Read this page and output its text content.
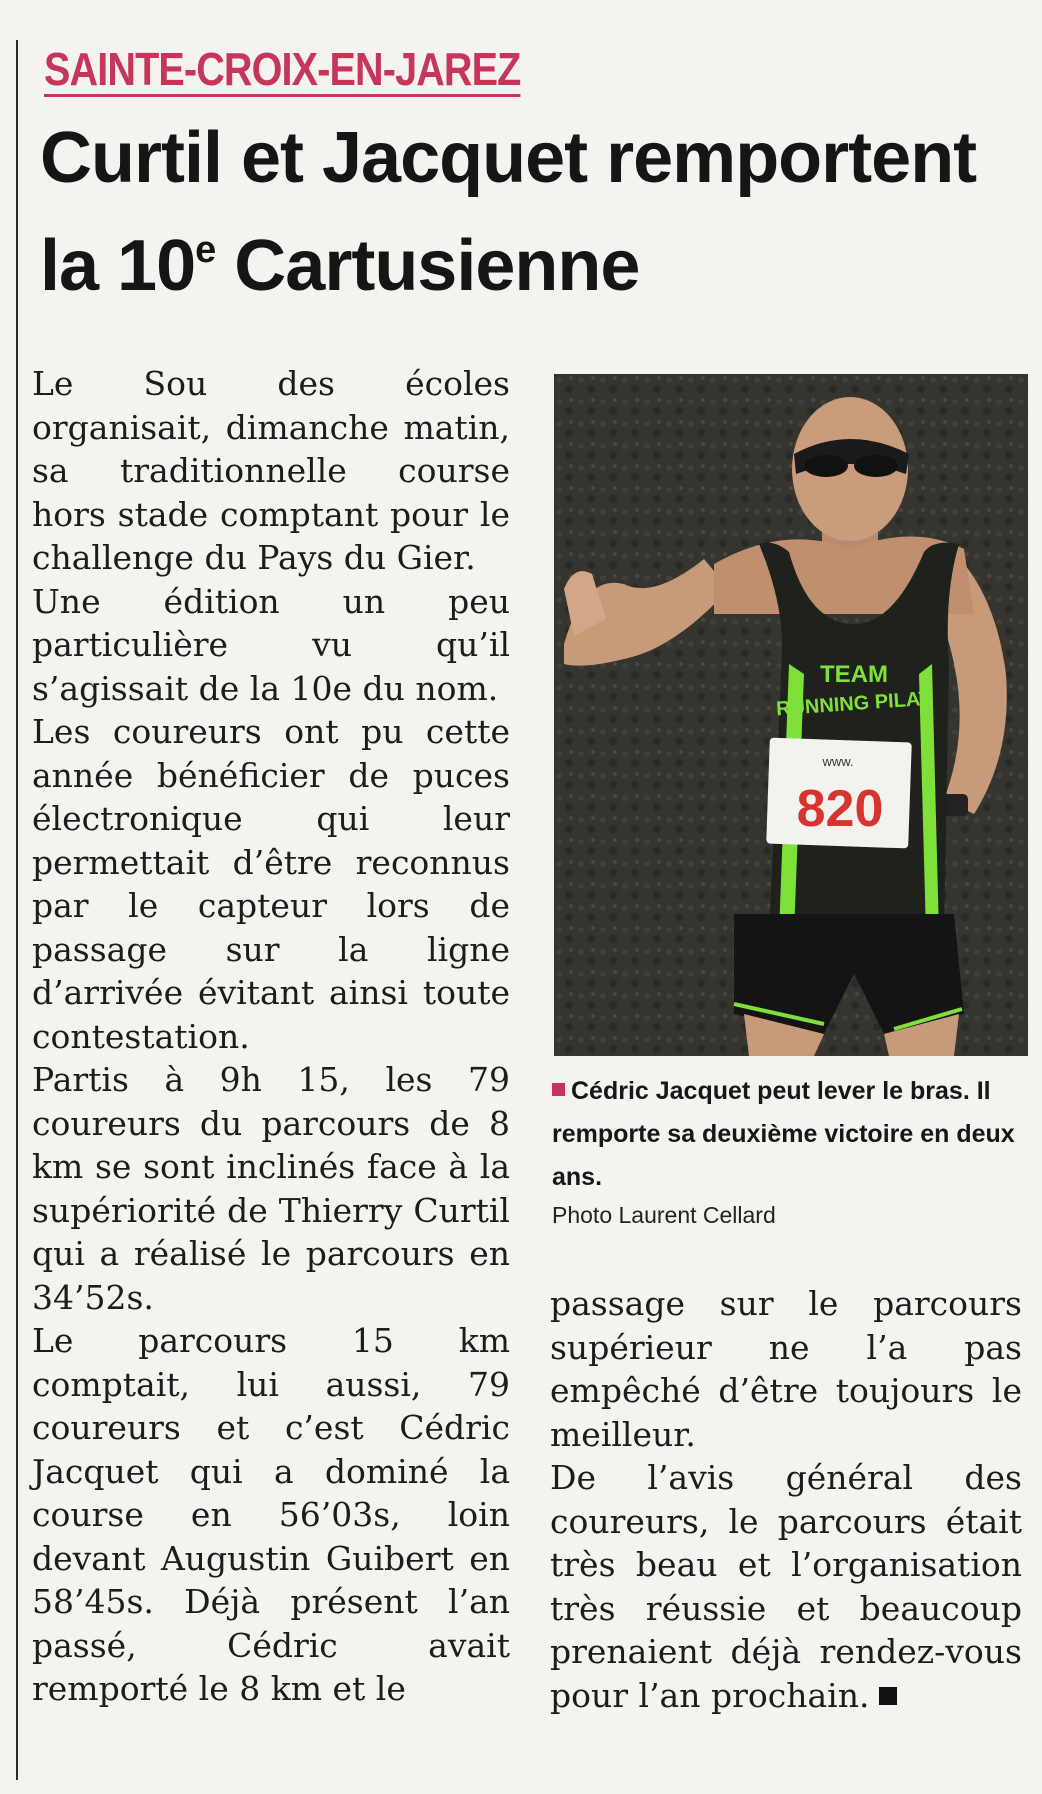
SAINTE-CROIX-EN-JAREZ
Curtil et Jacquet remportent
la 10e Cartusienne

Le Sou des écoles organisait, dimanche matin, sa traditionnelle course hors stade comptant pour le challenge du Pays du Gier.

Une édition un peu particulière vu qu’il s’agissait de la 10e du nom.

Les coureurs ont pu cette année bénéficier de puces électronique qui leur permettait d’être reconnus par le capteur lors de passage sur la ligne d’arrivée évitant ainsi toute contestation.

Partis à 9h 15, les 79 coureurs du parcours de 8 km se sont inclinés face à la supériorité de Thierry Curtil qui a réalisé le parcours en 34’52s.

Le parcours 15 km comptait, lui aussi, 79 coureurs et c’est Cédric Jacquet qui a dominé la course en 56’03s, loin devant Augustin Guibert en 58’45s. Déjà présent l’an passé, Cédric avait remporté le 8 km et le

TEAM
RUNNING PILAT
www.
820
Cédric Jacquet peut lever le bras. Il remporte sa deuxième victoire en deux ans.
Photo Laurent Cellard

passage sur le parcours supérieur ne l’a pas empêché d’être toujours le meilleur.

De l’avis général des coureurs, le parcours était très beau et l’organisation très réussie et beaucoup prenaient déjà rendez-vous pour l’an prochain.
